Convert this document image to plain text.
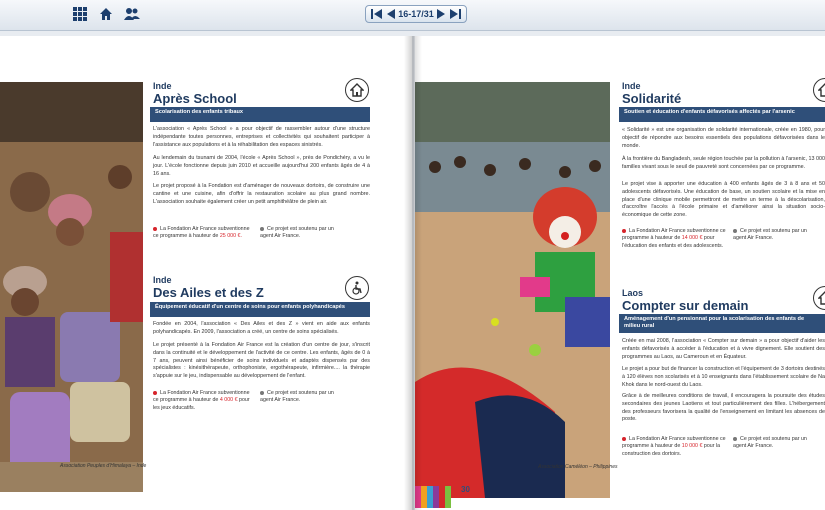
16-17/31
Association Peuples d'Himalaya – Inde
Inde
Après School
Scolarisation des enfants tribaux
L'association « Après School » a pour objectif de rassembler autour d'une structure indépendante toutes personnes, entreprises et collectivités qui souhaitent participer à l'assistance aux populations et à la réhabilitation des espaces sinistrés.
Au lendemain du tsunami de 2004, l'école « Après School », près de Pondichéry, a vu le jour. L'école fonctionne depuis juin 2010 et accueille aujourd'hui 200 enfants âgés de 4 à 16 ans.
Le projet proposé à la Fondation est d'aménager de nouveaux dortoirs, de construire une cantine et une cuisine, afin d'offrir la restauration scolaire au plus grand nombre. L'association souhaite également créer un petit amphithéâtre de plein air.
La Fondation Air France subventionne ce programme à hauteur de 25 000 €.
Ce projet est soutenu par un agent Air France.
Inde
Des Ailes et des Z
Équipement éducatif d'un centre de soins pour enfants polyhandicapés
Fondée en 2004, l'association « Des Ailes et des Z » vient en aide aux enfants polyhandicapés. En 2009, l'association a créé, un centre de soins spécialisés.
Le projet présenté à la Fondation Air France est la création d'un centre de jour, s'inscrit dans la continuité et le développement de l'activité de ce centre. Les enfants, âgés de 0 à 7 ans, peuvent ainsi bénéficier de soins individuels et adaptés dispensés par des spécialistes : kinésithérapeute, orthophoniste, ergothérapeute, infirmière.... la thérapie s'appuie sur le jeu, indispensable au développement de l'enfant.
La Fondation Air France subventionne ce programme à hauteur de 4 000 € pour les jeux éducatifs.
Ce projet est soutenu par un agent Air France.
Association Caméléon – Philippines
30
Inde
Solidarité
Soutien et éducation d'enfants défavorisés affectés par l'arsenic
« Solidarité » est une organisation de solidarité internationale, créée en 1980, pour objectif de répondre aux besoins essentiels des populations défavorisées dans le monde.
À la frontière du Bangladesh, seule région touchée par la pollution à l'arsenic, 13 000 familles vivant sous le seuil de pauvreté sont concernées par ce programme.
Le projet vise à apporter une éducation à 400 enfants âgés de 3 à 8 ans et 50 adolescents défavorisés. Une éducation de base, un soutien scolaire et la mise en place d'une clinique mobile permettront de mettre un terme à la déscolarisation, d'accroître l'accès à l'école primaire et d'améliorer ainsi la situation socio-économique de cette zone.
La Fondation Air France subventionne ce programme à hauteur de 14 000 € pour l'éducation des enfants et des adolescents.
Ce projet est soutenu par un agent Air France.
Laos
Compter sur demain
Aménagement d'un pensionnat pour la scolarisation des enfants de milieu rural
Créée en mai 2008, l'association « Compter sur demain » a pour objectif d'aider les enfants défavorisés à accéder à l'éducation et à vivre dignement. Elle soutient des programmes au Laos, au Cameroun et en Équateur.
Le projet a pour but de financer la construction et l'équipement de 3 dortoirs destinés à 120 élèves non scolarisés et à 10 enseignants dans l'établissement scolaire de Na Khok dans le nord-ouest du Laos.
Grâce à de meilleures conditions de travail, il encouragera la poursuite des études secondaires des jeunes Laotiens et tout particulièrement des filles. L'hébergement des professeurs favorisera la qualité de l'enseignement en limitant les absences de poste.
La Fondation Air France subventionne ce programme à hauteur de 10 000 € pour la construction des dortoirs.
Ce projet est soutenu par un agent Air France.
